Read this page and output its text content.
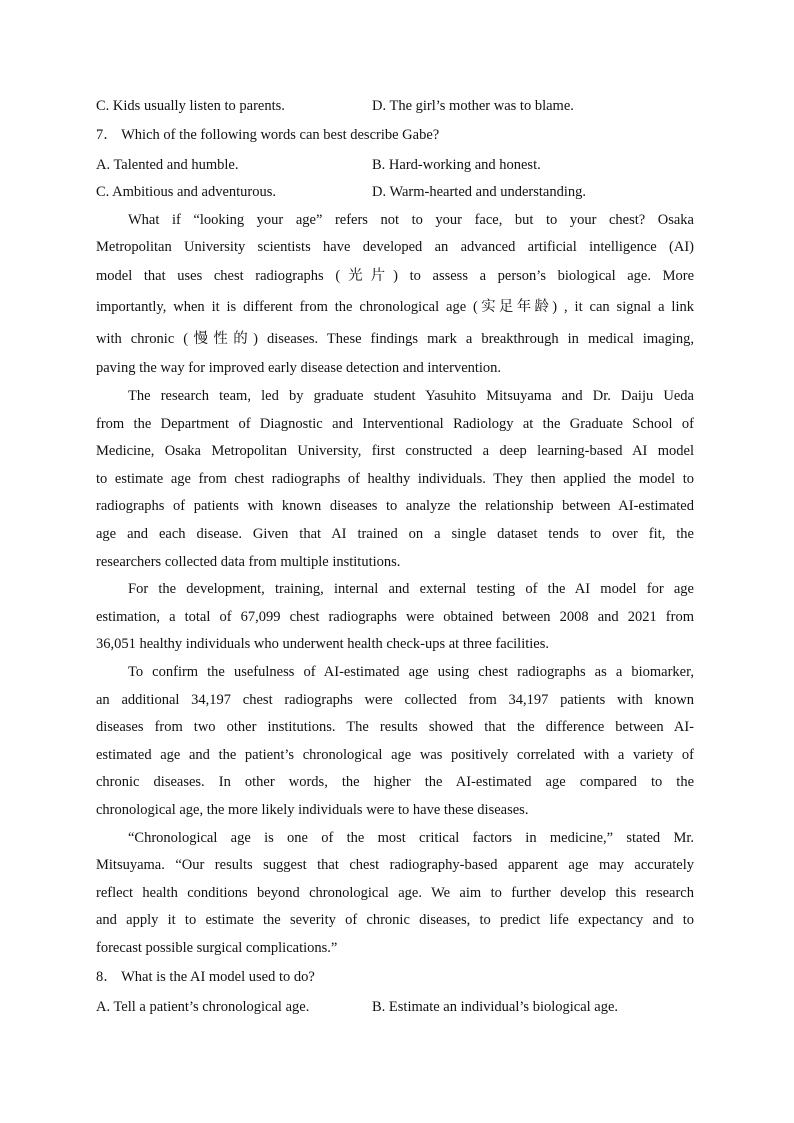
C. Kids usually listen to parents.	D. The girl’s mother was to blame.
7． Which of the following words can best describe Gabe?
A. Talented and humble.	B. Hard-working and honest.
C. Ambitious and adventurous.	D. Warm-hearted and understanding.
What if “looking your age” refers not to your face, but to your chest? Osaka
Metropolitan University scientists have developed an advanced artificial intelligence (AI)
model that uses chest radiographs (光片) to assess a person’s biological age. More
importantly, when it is different from the chronological age (实足年龄) , it can signal a link
with chronic (慢性的) diseases. These findings mark a breakthrough in medical imaging,
paving the way for improved early disease detection and intervention.
The research team, led by graduate student Yasuhito Mitsuyama and Dr. Daiju Ueda
from the Department of Diagnostic and Interventional Radiology at the Graduate School of
Medicine, Osaka Metropolitan University, first constructed a deep learning-based AI model
to estimate age from chest radiographs of healthy individuals. They then applied the model to
radiographs of patients with known diseases to analyze the relationship between AI-estimated
age and each disease. Given that AI trained on a single dataset tends to over fit, the
researchers collected data from multiple institutions.
For the development, training, internal and external testing of the AI model for age
estimation, a total of 67,099 chest radiographs were obtained between 2008 and 2021 from
36,051 healthy individuals who underwent health check-ups at three facilities.
To confirm the usefulness of AI-estimated age using chest radiographs as a biomarker,
an additional 34,197 chest radiographs were collected from 34,197 patients with known
diseases from two other institutions. The results showed that the difference between AI-
estimated age and the patient’s chronological age was positively correlated with a variety of
chronic diseases. In other words, the higher the AI-estimated age compared to the
chronological age, the more likely individuals were to have these diseases.
“Chronological age is one of the most critical factors in medicine,” stated Mr.
Mitsuyama. “Our results suggest that chest radiography-based apparent age may accurately
reflect health conditions beyond chronological age. We aim to further develop this research
and apply it to estimate the severity of chronic diseases, to predict life expectancy and to
forecast possible surgical complications.”
8． What is the AI model used to do?
A. Tell a patient’s chronological age.	B. Estimate an individual’s biological age.
